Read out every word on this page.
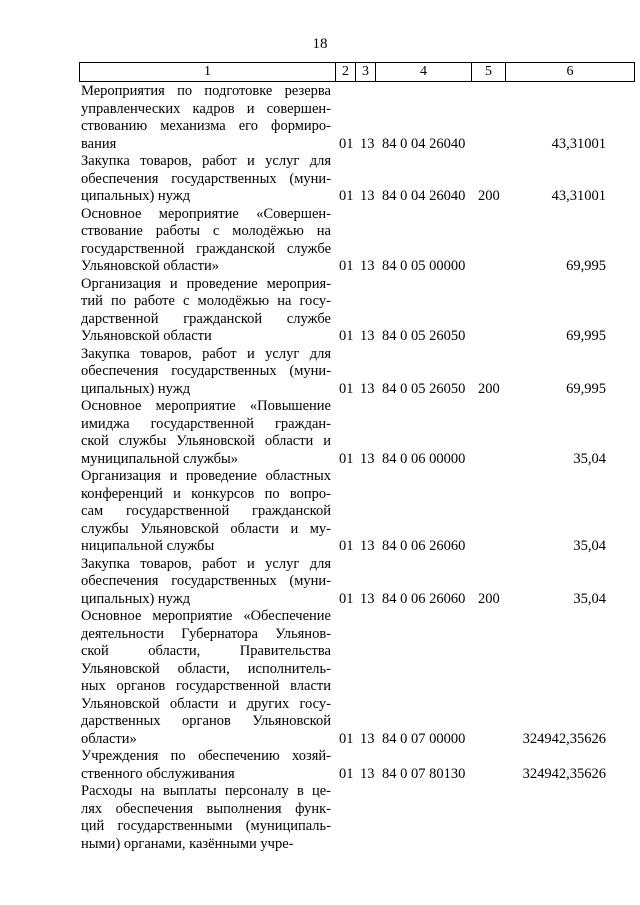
18
1	2 3	4	5	6
Мероприятия по подготовке резерва
управленческих кадров и совершен-
ствованию механизма его формиро-
вания	01 13 84 0 04 26040	43,31001
Закупка товаров, работ и услуг для
обеспечения государственных (муни-
ципальных) нужд	01 13 84 0 04 26040 200	43,31001
Основное мероприятие «Совершен-
ствование работы с молодёжью на
государственной гражданской службе
Ульяновской области»	01 13 84 0 05 00000	69,995
Организация и проведение мероприя-
тий по работе с молодёжью на госу-
дарственной гражданской службе
Ульяновской области	01 13 84 0 05 26050	69,995
Закупка товаров, работ и услуг для
обеспечения государственных (муни-
ципальных) нужд	01 13 84 0 05 26050 200	69,995
Основное мероприятие «Повышение
имиджа государственной граждан-
ской службы Ульяновской области и
муниципальной службы»	01 13 84 0 06 00000	35,04
Организация и проведение областных
конференций и конкурсов по вопро-
сам государственной гражданской
службы Ульяновской области и му-
ниципальной службы	01 13 84 0 06 26060	35,04
Закупка товаров, работ и услуг для
обеспечения государственных (муни-
ципальных) нужд	01 13 84 0 06 26060 200	35,04
Основное мероприятие «Обеспечение
деятельности Губернатора Ульянов-
ской области, Правительства
Ульяновской области, исполнитель-
ных органов государственной власти
Ульяновской области и других госу-
дарственных органов Ульяновской
области»	01 13 84 0 07 00000	324942,35626
Учреждения по обеспечению хозяй-
ственного обслуживания	01 13 84 0 07 80130	324942,35626
Расходы на выплаты персоналу в це-
лях обеспечения выполнения функ-
ций государственными (муниципаль-
ными) органами, казёнными учре-
